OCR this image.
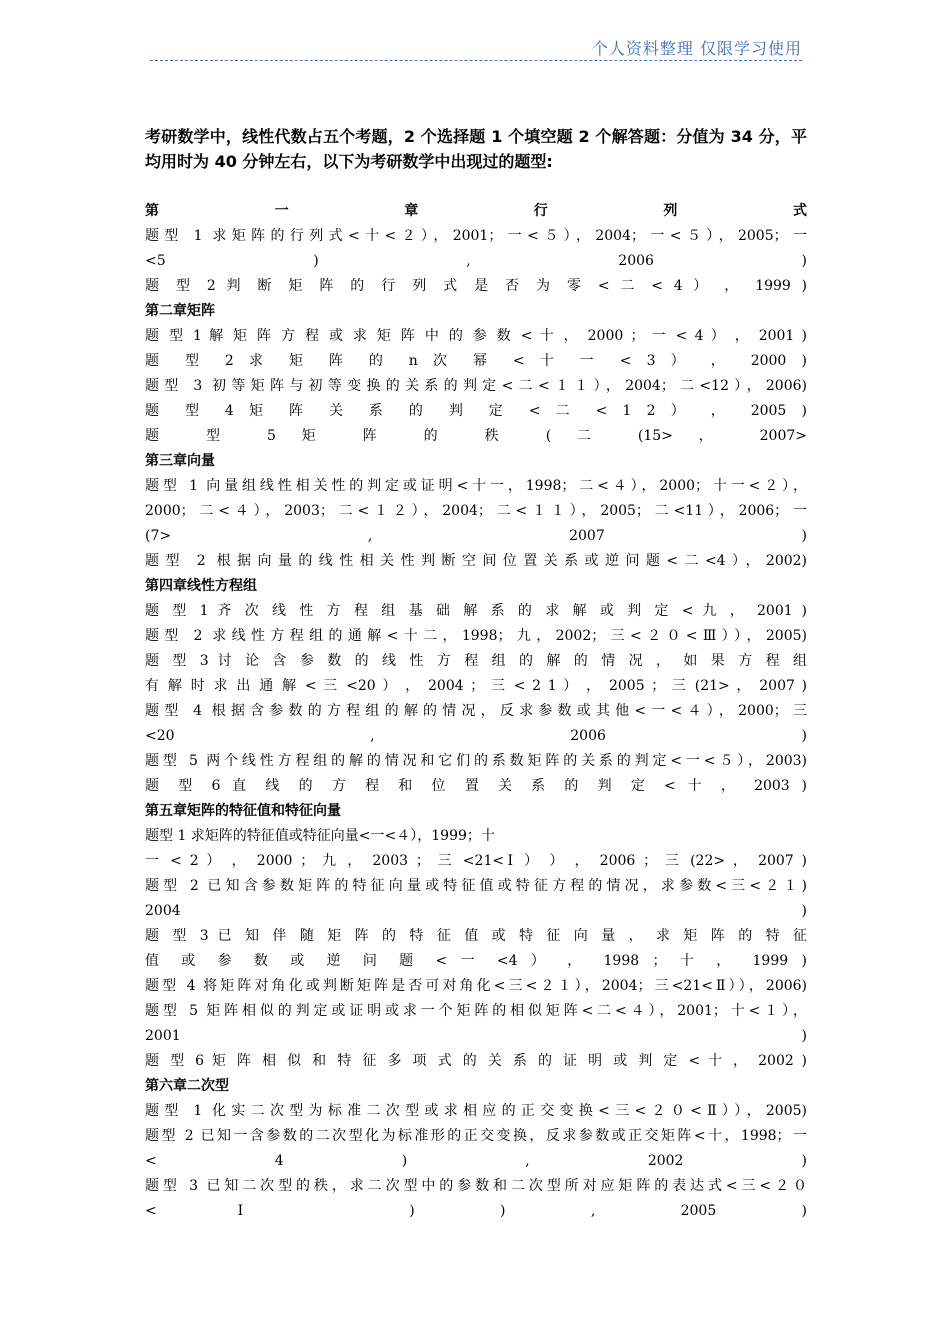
个人资料整理 仅限学习使用

考研数学中，线性代数占五个考题，2 个选择题 1 个填空题 2 个解答题：分值为 34 分，平均用时为 40 分钟左右，以下为考研数学中出现过的题型:

第 一 章 行 列 式
题型 1 求矩阵的行列式<十<２），2001；一<５），2004；一<５），2005；一
<5 ) , 2006 )
题 型 2 判 断 矩 阵 的 行 列 式 是 否 为 零 < 二 < 4 ） ， 1999 )
第二章矩阵
题 型 1 解 矩 阵 方 程 或 求 矩 阵 中 的 参 数 < 十 ， 2000 ； 一 < 4 ） ， 2001 )
题 型 2 求 矩 阵 的 n 次 幂 < 十 一 < 3 ） ， 2000 )
题型 3 初等矩阵与初等变换的关系的判定<二<１１），2004；二<12），2006)
题 型 4 矩 阵 关 系 的 判 定 < 二 < 1 2 ） ， 2005 )
题 型 5 矩 阵 的 秩 ( 二 (15> ， 2007>
第三章向量
题型 1 向量组线性相关性的判定或证明<十一，1998；二<４），2000；十一<２），
2000；二<４），2003；二<１２），2004；二<１１），2005；二<11），2006；一
(7> , 2007 )
题型 2 根据向量的线性相关性判断空间位置关系或逆问题<二<4），2002)
第四章线性方程组
题 型 1 齐 次 线 性 方 程 组 基 础 解 系 的 求 解 或 判 定 < 九 ， 2001 )
题型 2 求线性方程组的通解<十二，1998；九，2002；三<２０<Ⅲ）），2005)
题 型 3 讨 论 含 参 数 的 线 性 方 程 组 的 解 的 情 况 ， 如 果 方 程 组
有 解 时 求 出 通 解 < 三 <20 ） ， 2004 ； 三 < 2 1 ） ， 2005 ； 三 (21> ， 2007 )
题型 4 根据含参数的方程组的解的情况，反求参数或其他<一<４），2000；三
<20 , 2006 )
题型 5 两个线性方程组的解的情况和它们的系数矩阵的关系的判定<一<５），2003)
题 型 6 直 线 的 方 程 和 位 置 关 系 的 判 定 < 十 ， 2003 )
第五章矩阵的特征值和特征向量
题型 1 求矩阵的特征值或特征向量<一<４），1999；十
一 < 2 ） ， 2000 ； 九 ， 2003 ； 三 <21<Ⅰ ） ） ， 2006 ； 三 (22> ， 2007 )
题型 2 已知含参数矩阵的特征向量或特征值或特征方程的情况，求参数<三<２１)
2004 )
题 型 3 已 知 伴 随 矩 阵 的 特 征 值 或 特 征 向 量 ， 求 矩 阵 的 特 征
值 或 参 数 或 逆 问 题 < 一 <4 ） ， 1998 ； 十 ， 1999 )
题型 4 将矩阵对角化或判断矩阵是否可对角化<三<２１），2004；三<21<Ⅱ）），2006)
题型 5 矩阵相似的判定或证明或求一个矩阵的相似矩阵<二<４），2001；十<１），
2001 )
题 型 6 矩 阵 相 似 和 特 征 多 项 式 的 关 系 的 证 明 或 判 定 < 十 ， 2002 )
第六章二次型
题型 1 化实二次型为标准二次型或求相应的正交变换<三<２０<Ⅱ）），2005)
题型 2 已知一含参数的二次型化为标准形的正交变换，反求参数或正交矩阵<十，1998；一
< 4 ) , 2002 )
题型 3 已知二次型的秩，求二次型中的参数和二次型所对应矩阵的表达式<三<２０
<Ⅰ ) ) , 2005 )
